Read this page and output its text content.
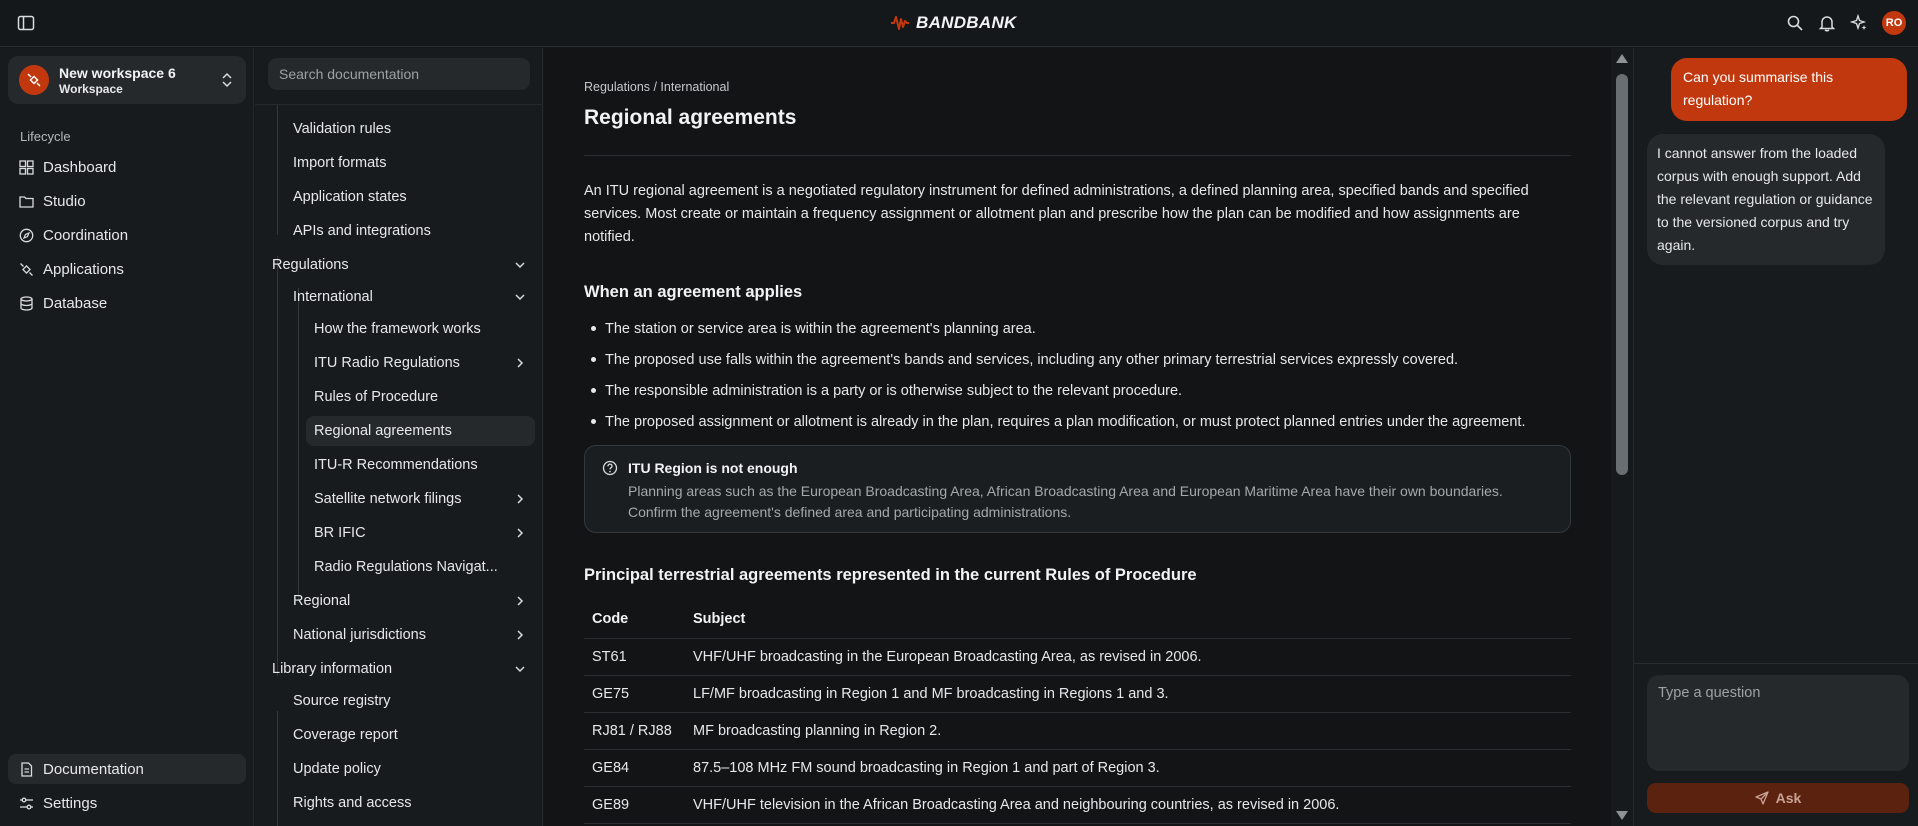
BANDBANK	RO
New workspace 6
Workspace
Lifecycle
Dashboard
Studio
Coordination
Applications
Database
Documentation
Settings
Search documentation
Validation rules
Import formats
Application states
APIs and integrations
Regulations
International
How the framework works
ITU Radio Regulations
Rules of Procedure
Regional agreements
ITU-R Recommendations
Satellite network filings
BR IFIC
Radio Regulations Navigat...
Regional
National jurisdictions
Library information
Source registry
Coverage report
Update policy
Rights and access
Regulations / International
Regional agreements

An ITU regional agreement is a negotiated regulatory instrument for defined administrations, a defined planning area, specified bands and specified services. Most create or maintain a frequency assignment or allotment plan and prescribe how the plan can be modified and how assignments are notified.

When an agreement applies
The station or service area is within the agreement's planning area.
The proposed use falls within the agreement's bands and services, including any other primary terrestrial services expressly covered.
The responsible administration is a party or is otherwise subject to the relevant procedure.
The proposed assignment or allotment is already in the plan, requires a plan modification, or must protect planned entries under the agreement.
ITU Region is not enough
Planning areas such as the European Broadcasting Area, African Broadcasting Area and European Maritime Area have their own boundaries. Confirm the agreement's defined area and participating administrations.
Principal terrestrial agreements represented in the current Rules of Procedure
Code	Subject
ST61	VHF/UHF broadcasting in the European Broadcasting Area, as revised in 2006.
GE75	LF/MF broadcasting in Region 1 and MF broadcasting in Regions 1 and 3.
RJ81 / RJ88	MF broadcasting planning in Region 2.
GE84	87.5–108 MHz FM sound broadcasting in Region 1 and part of Region 3.
GE89	VHF/UHF television in the African Broadcasting Area and neighbouring countries, as revised in 2006.
Can you summarise this regulation?
I cannot answer from the loaded corpus with enough support. Add the relevant regulation or guidance to the versioned corpus and try again.
Type a question
Ask
